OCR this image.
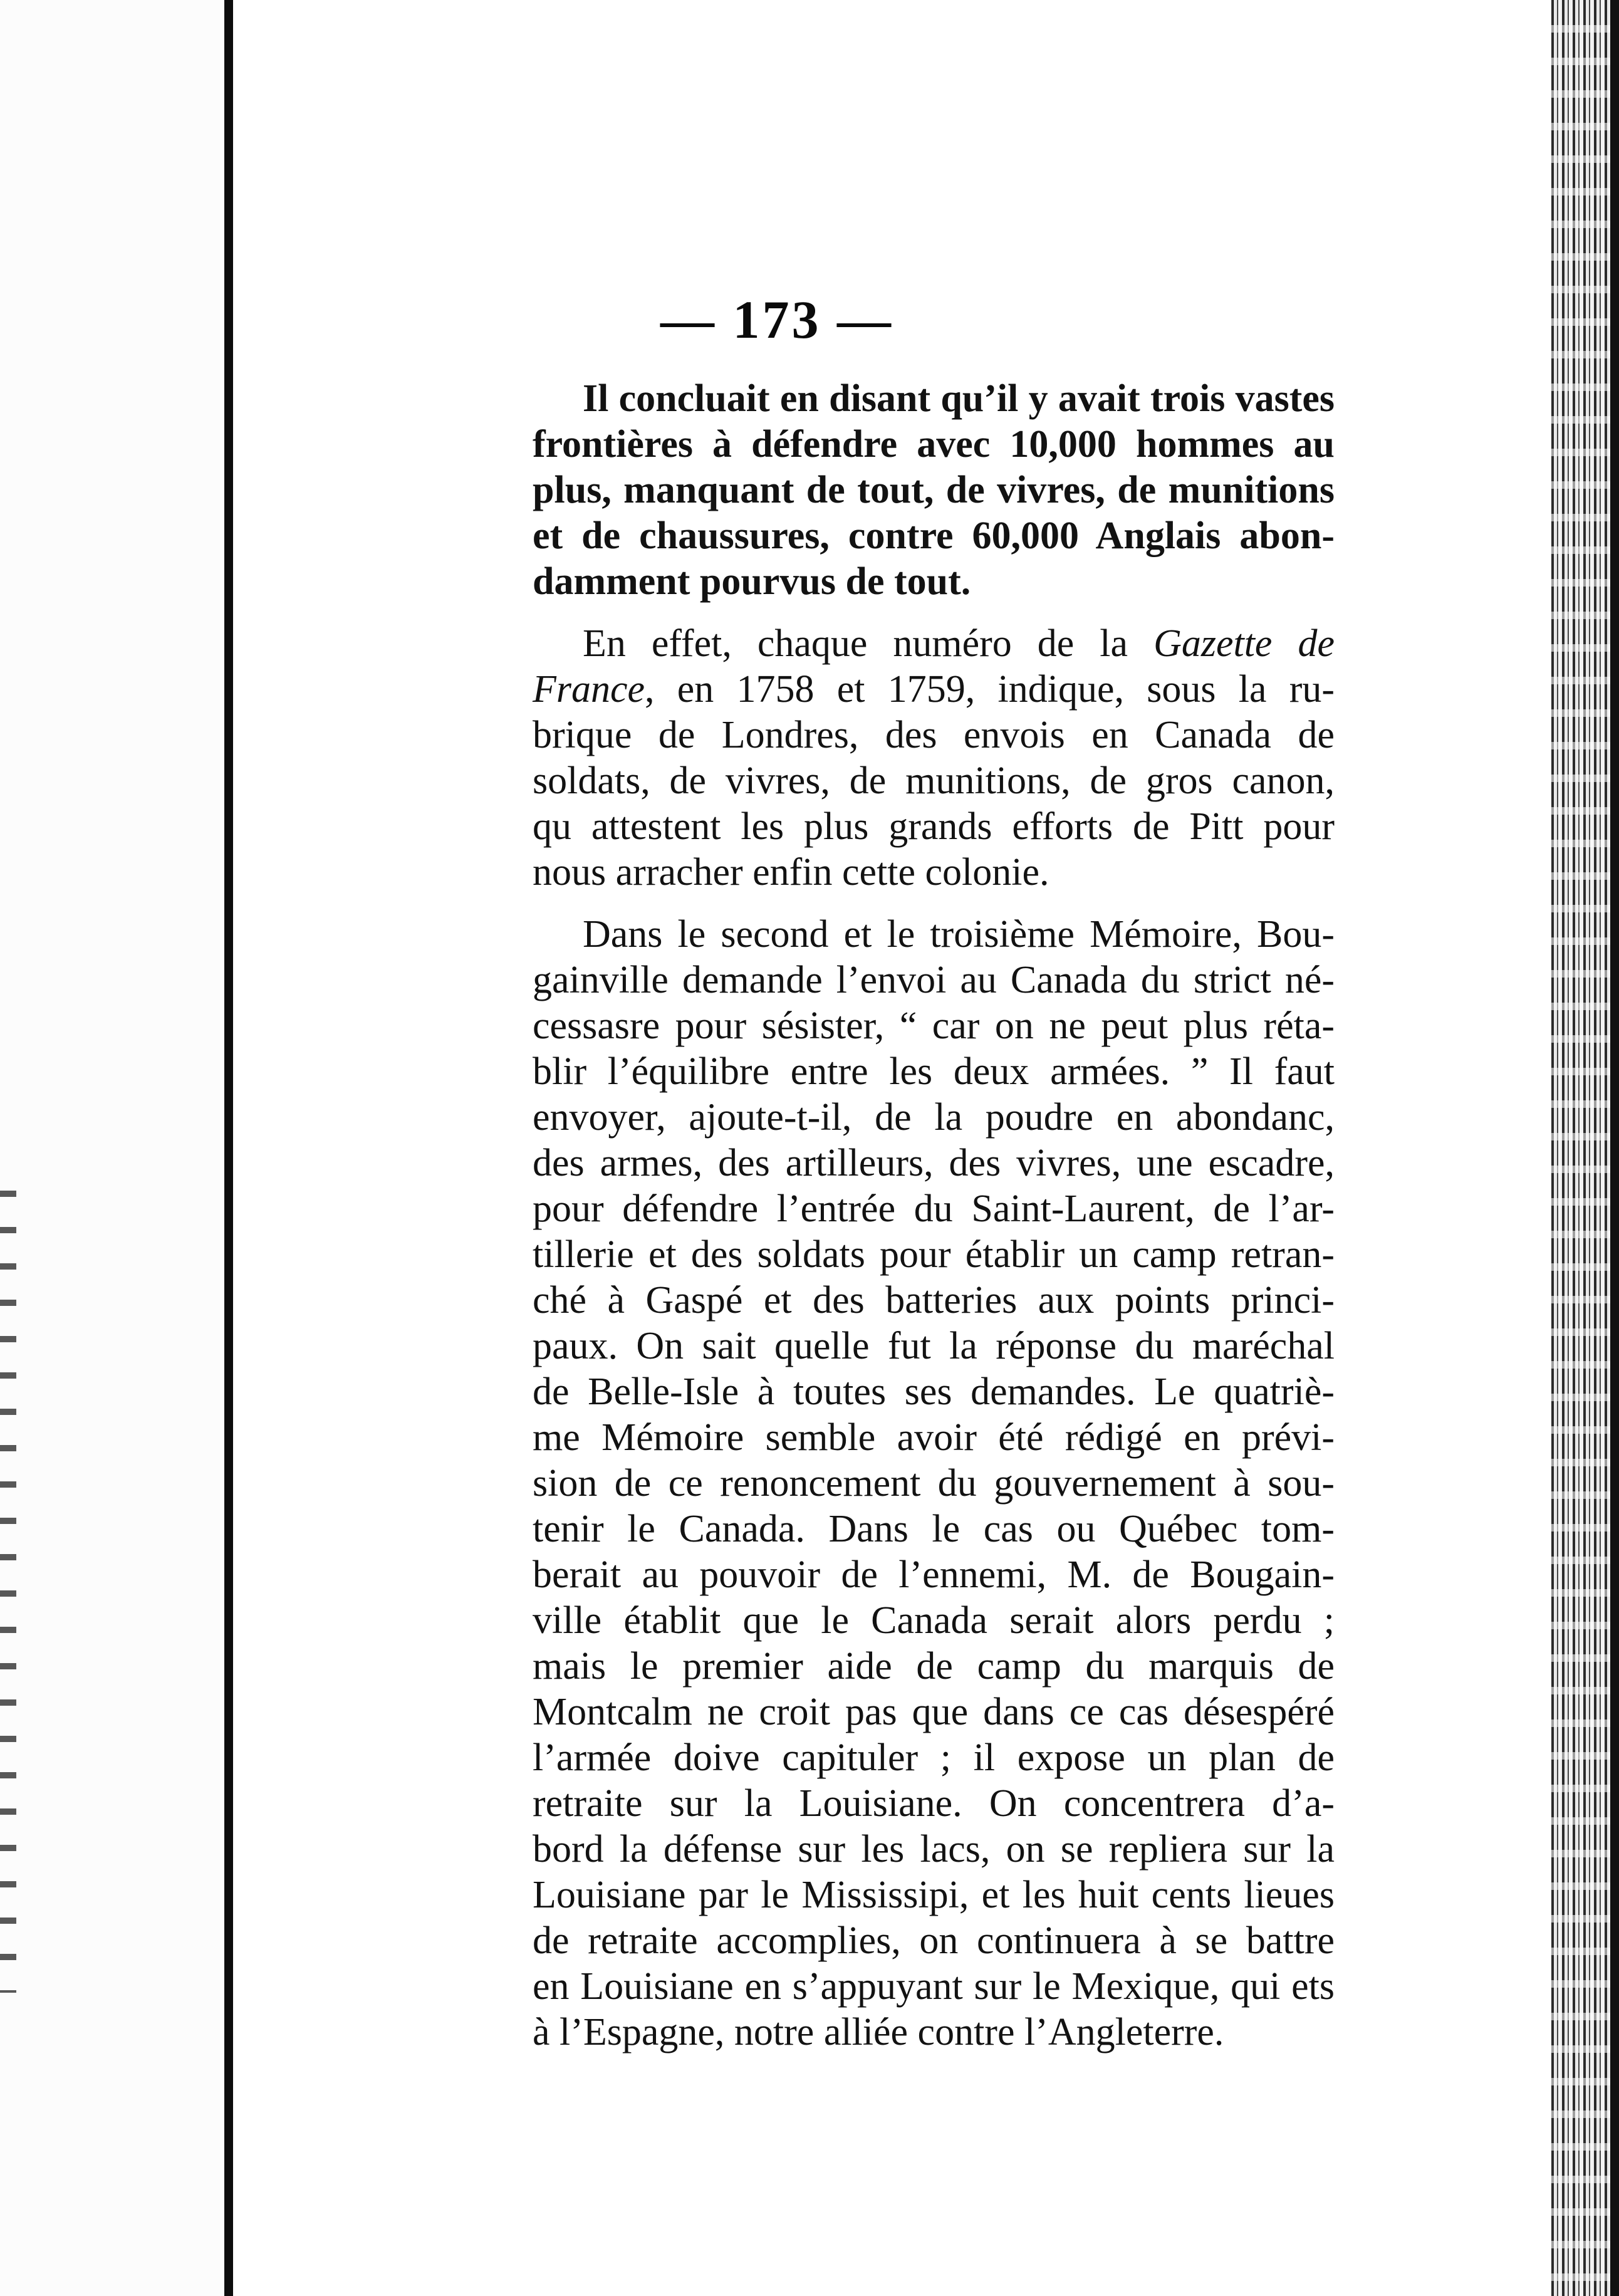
— 173 —
Il concluait en disant qu’il y avait trois vastes
frontières à défendre avec 10,000 hommes au
plus, manquant de tout, de vivres, de munitions
et de chaussures, contre 60,000 Anglais abon-
damment pourvus de tout.
En effet, chaque numéro de la Gazette de
France, en 1758 et 1759, indique, sous la ru-
brique de Londres, des envois en Canada de
soldats, de vivres, de munitions, de gros canon,
qu attestent les plus grands efforts de Pitt pour
nous arracher enfin cette colonie.
Dans le second et le troisième Mémoire, Bou-
gainville demande l’envoi au Canada du strict né-
cessasre pour sésister, “ car on ne peut plus réta-
blir l’équilibre entre les deux armées. ” Il faut
envoyer, ajoute-t-il, de la poudre en abondanc,
des armes, des artilleurs, des vivres, une escadre,
pour défendre l’entrée du Saint-Laurent, de l’ar-
tillerie et des soldats pour établir un camp retran-
ché à Gaspé et des batteries aux points princi-
paux. On sait quelle fut la réponse du maréchal
de Belle-Isle à toutes ses demandes. Le quatriè-
me Mémoire semble avoir été rédigé en prévi-
sion de ce renoncement du gouvernement à sou-
tenir le Canada. Dans le cas ou Québec tom-
berait au pouvoir de l’ennemi, M. de Bougain-
ville établit que le Canada serait alors perdu ;
mais le premier aide de camp du marquis de
Montcalm ne croit pas que dans ce cas désespéré
l’armée doive capituler ; il expose un plan de
retraite sur la Louisiane. On concentrera d’a-
bord la défense sur les lacs, on se repliera sur la
Louisiane par le Mississipi, et les huit cents lieues
de retraite accomplies, on continuera à se battre
en Louisiane en s’appuyant sur le Mexique, qui ets
à l’Espagne, notre alliée contre l’Angleterre.
